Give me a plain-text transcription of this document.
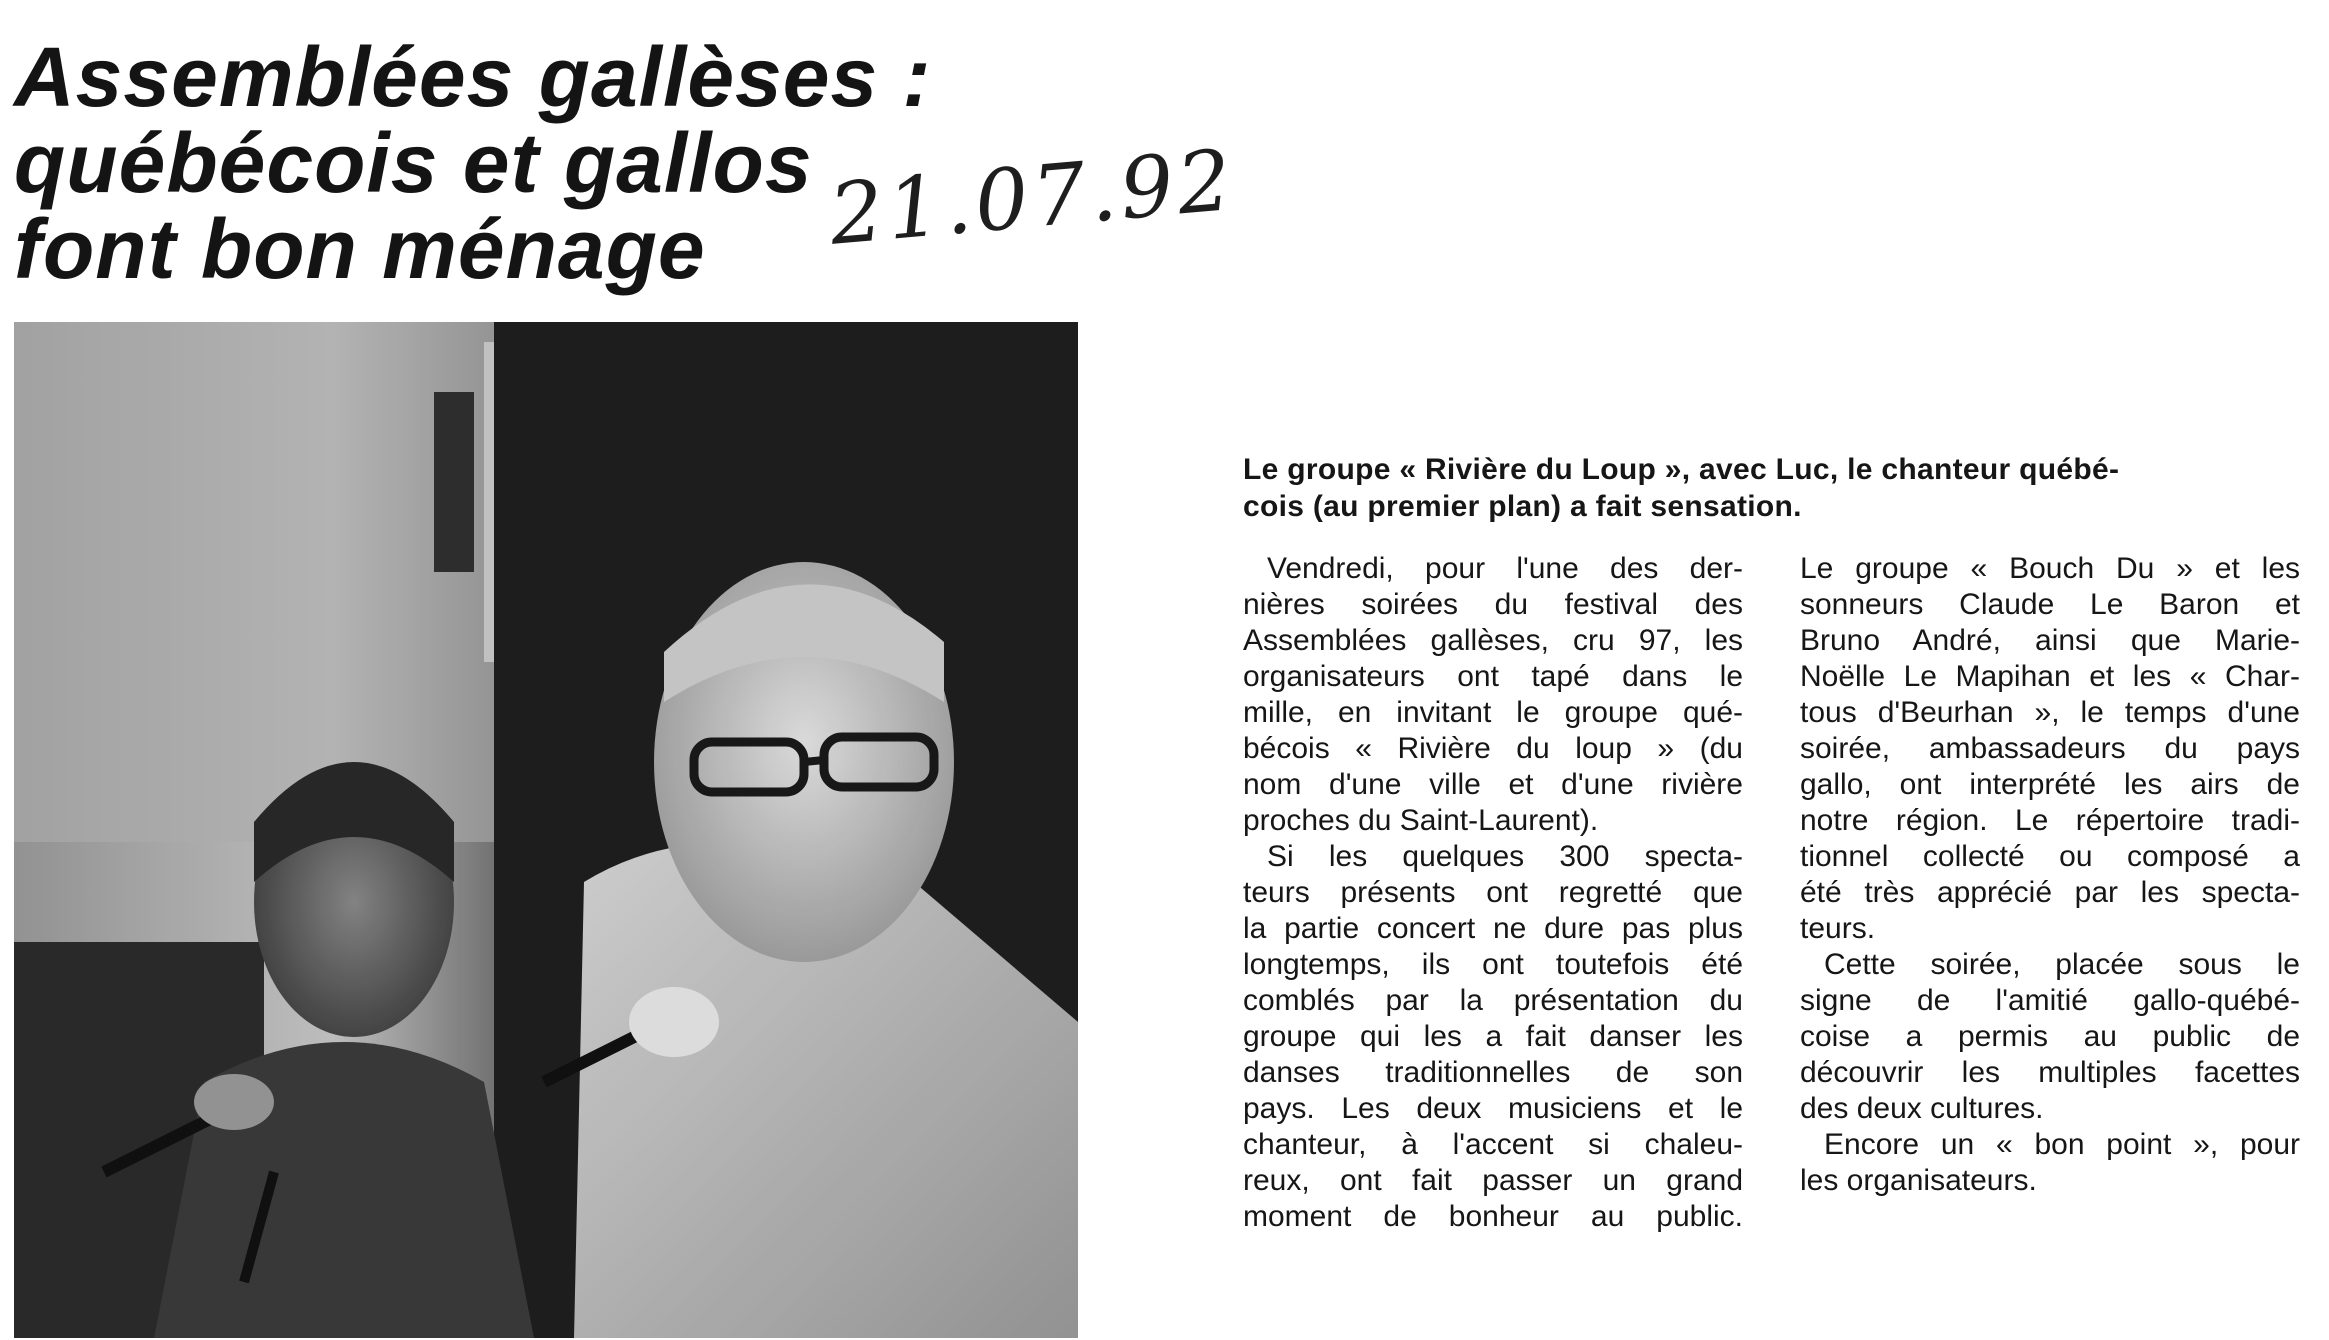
Assemblées gallèses :
québécois et gallos
font bon ménage	21.07.92

Le groupe « Rivière du Loup », avec Luc, le chanteur québé-
cois (au premier plan) a fait sensation.

Vendredi, pour l'une des der-
nières soirées du festival des
Assemblées gallèses, cru 97, les
organisateurs ont tapé dans le
mille, en invitant le groupe qué-
bécois « Rivière du loup » (du
nom d'une ville et d'une rivière
proches du Saint-Laurent).
Si les quelques 300 specta-
teurs présents ont regretté que
la partie concert ne dure pas plus
longtemps, ils ont toutefois été
comblés par la présentation du
groupe qui les a fait danser les
danses traditionnelles de son
pays. Les deux musiciens et le
chanteur, à l'accent si chaleu-
reux, ont fait passer un grand
moment de bonheur au public.
Le groupe « Bouch Du » et les
sonneurs Claude Le Baron et
Bruno André, ainsi que Marie-
Noëlle Le Mapihan et les « Char-
tous d'Beurhan », le temps d'une
soirée, ambassadeurs du pays
gallo, ont interprété les airs de
notre région. Le répertoire tradi-
tionnel collecté ou composé a
été très apprécié par les specta-
teurs.
Cette soirée, placée sous le
signe de l'amitié gallo-québé-
coise a permis au public de
découvrir les multiples facettes
des deux cultures.
Encore un « bon point », pour
les organisateurs.
